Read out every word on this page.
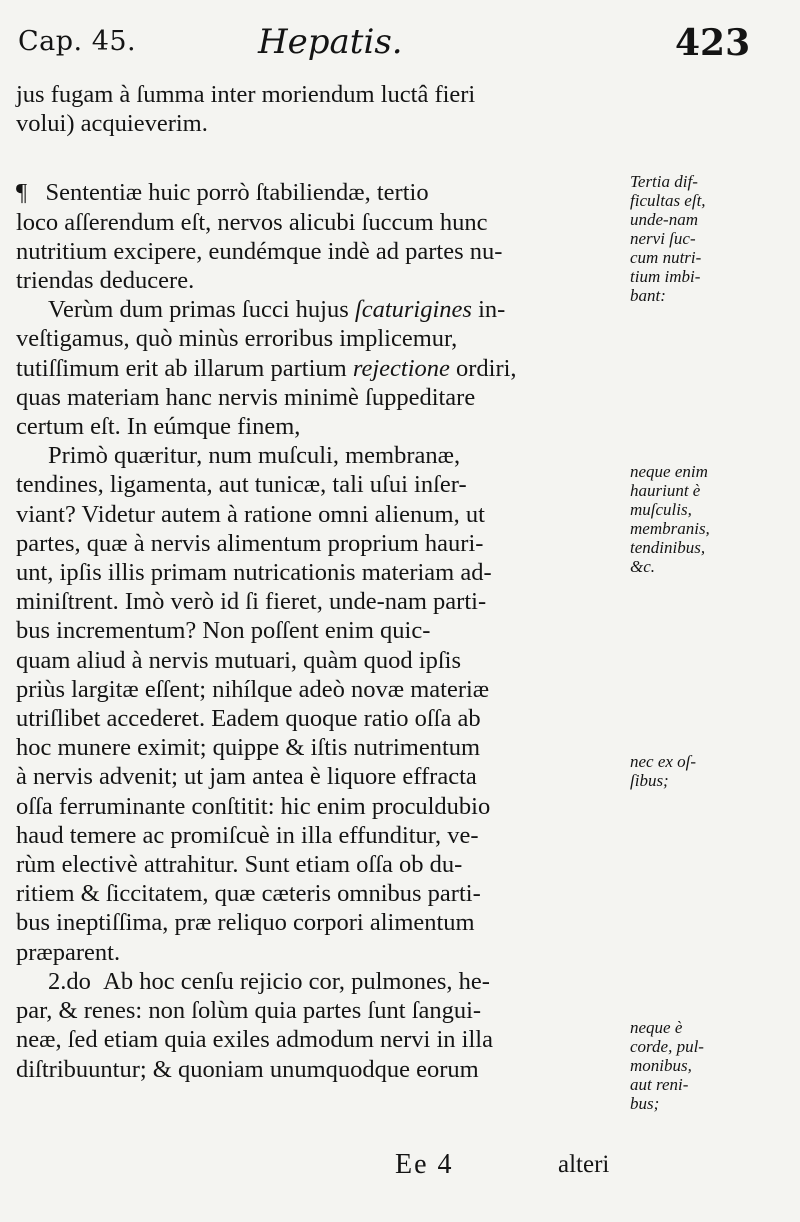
Cap. 45.	Hepatis.	423
jus fugam à ſumma inter moriendum luctâ fieri
volui) acquieverim.
¶ Sententiæ huic porrò ſtabiliendæ, tertio
loco aſſerendum eſt, nervos alicubi ſuccum hunc
nutritium excipere, eundémque indè ad partes nu-
triendas deducere.
Verùm dum primas ſucci hujus ſcaturigines in-
veſtigamus, quò minùs erroribus implicemur,
tutiſſimum erit ab illarum partium rejectione ordiri,
quas materiam hanc nervis minimè ſuppeditare
certum eſt. In eúmque finem,
Primò quæritur, num muſculi, membranæ,
tendines, ligamenta, aut tunicæ, tali uſui inſer-
viant? Videtur autem à ratione omni alienum, ut
partes, quæ à nervis alimentum proprium hauri-
unt, ipſis illis primam nutricationis materiam ad-
miniſtrent. Imò verò id ſi fieret, unde-nam parti-
bus incrementum? Non poſſent enim quic-
quam aliud à nervis mutuari, quàm quod ipſis
priùs largitæ eſſent; nihílque adeò novæ materiæ
utriſlibet accederet. Eadem quoque ratio oſſa ab
hoc munere eximit; quippe & iſtis nutrimentum
à nervis advenit; ut jam antea è liquore effracta
oſſa ferruminante conſtitit: hic enim proculdubio
haud temere ac promiſcuè in illa effunditur, ve-
rùm electivè attrahitur. Sunt etiam oſſa ob du-
ritiem & ſiccitatem, quæ cæteris omnibus parti-
bus ineptiſſima, præ reliquo corpori alimentum
præparent.
2.do Ab hoc cenſu rejicio cor, pulmones, he-
par, & renes: non ſolùm quia partes ſunt ſangui-
neæ, ſed etiam quia exiles admodum nervi in illa
diſtribuuntur; & quoniam unumquodque eorum
Tertia dif-
ficultas eſt,
unde-nam
nervi ſuc-
cum nutri-
tium imbi-
bant:
neque enim
hauriunt è
muſculis,
membranis,
tendinibus,
&c.
nec ex oſ-
ſibus;
neque è
corde, pul-
monibus,
aut reni-
bus;
Ee 4	alteri
